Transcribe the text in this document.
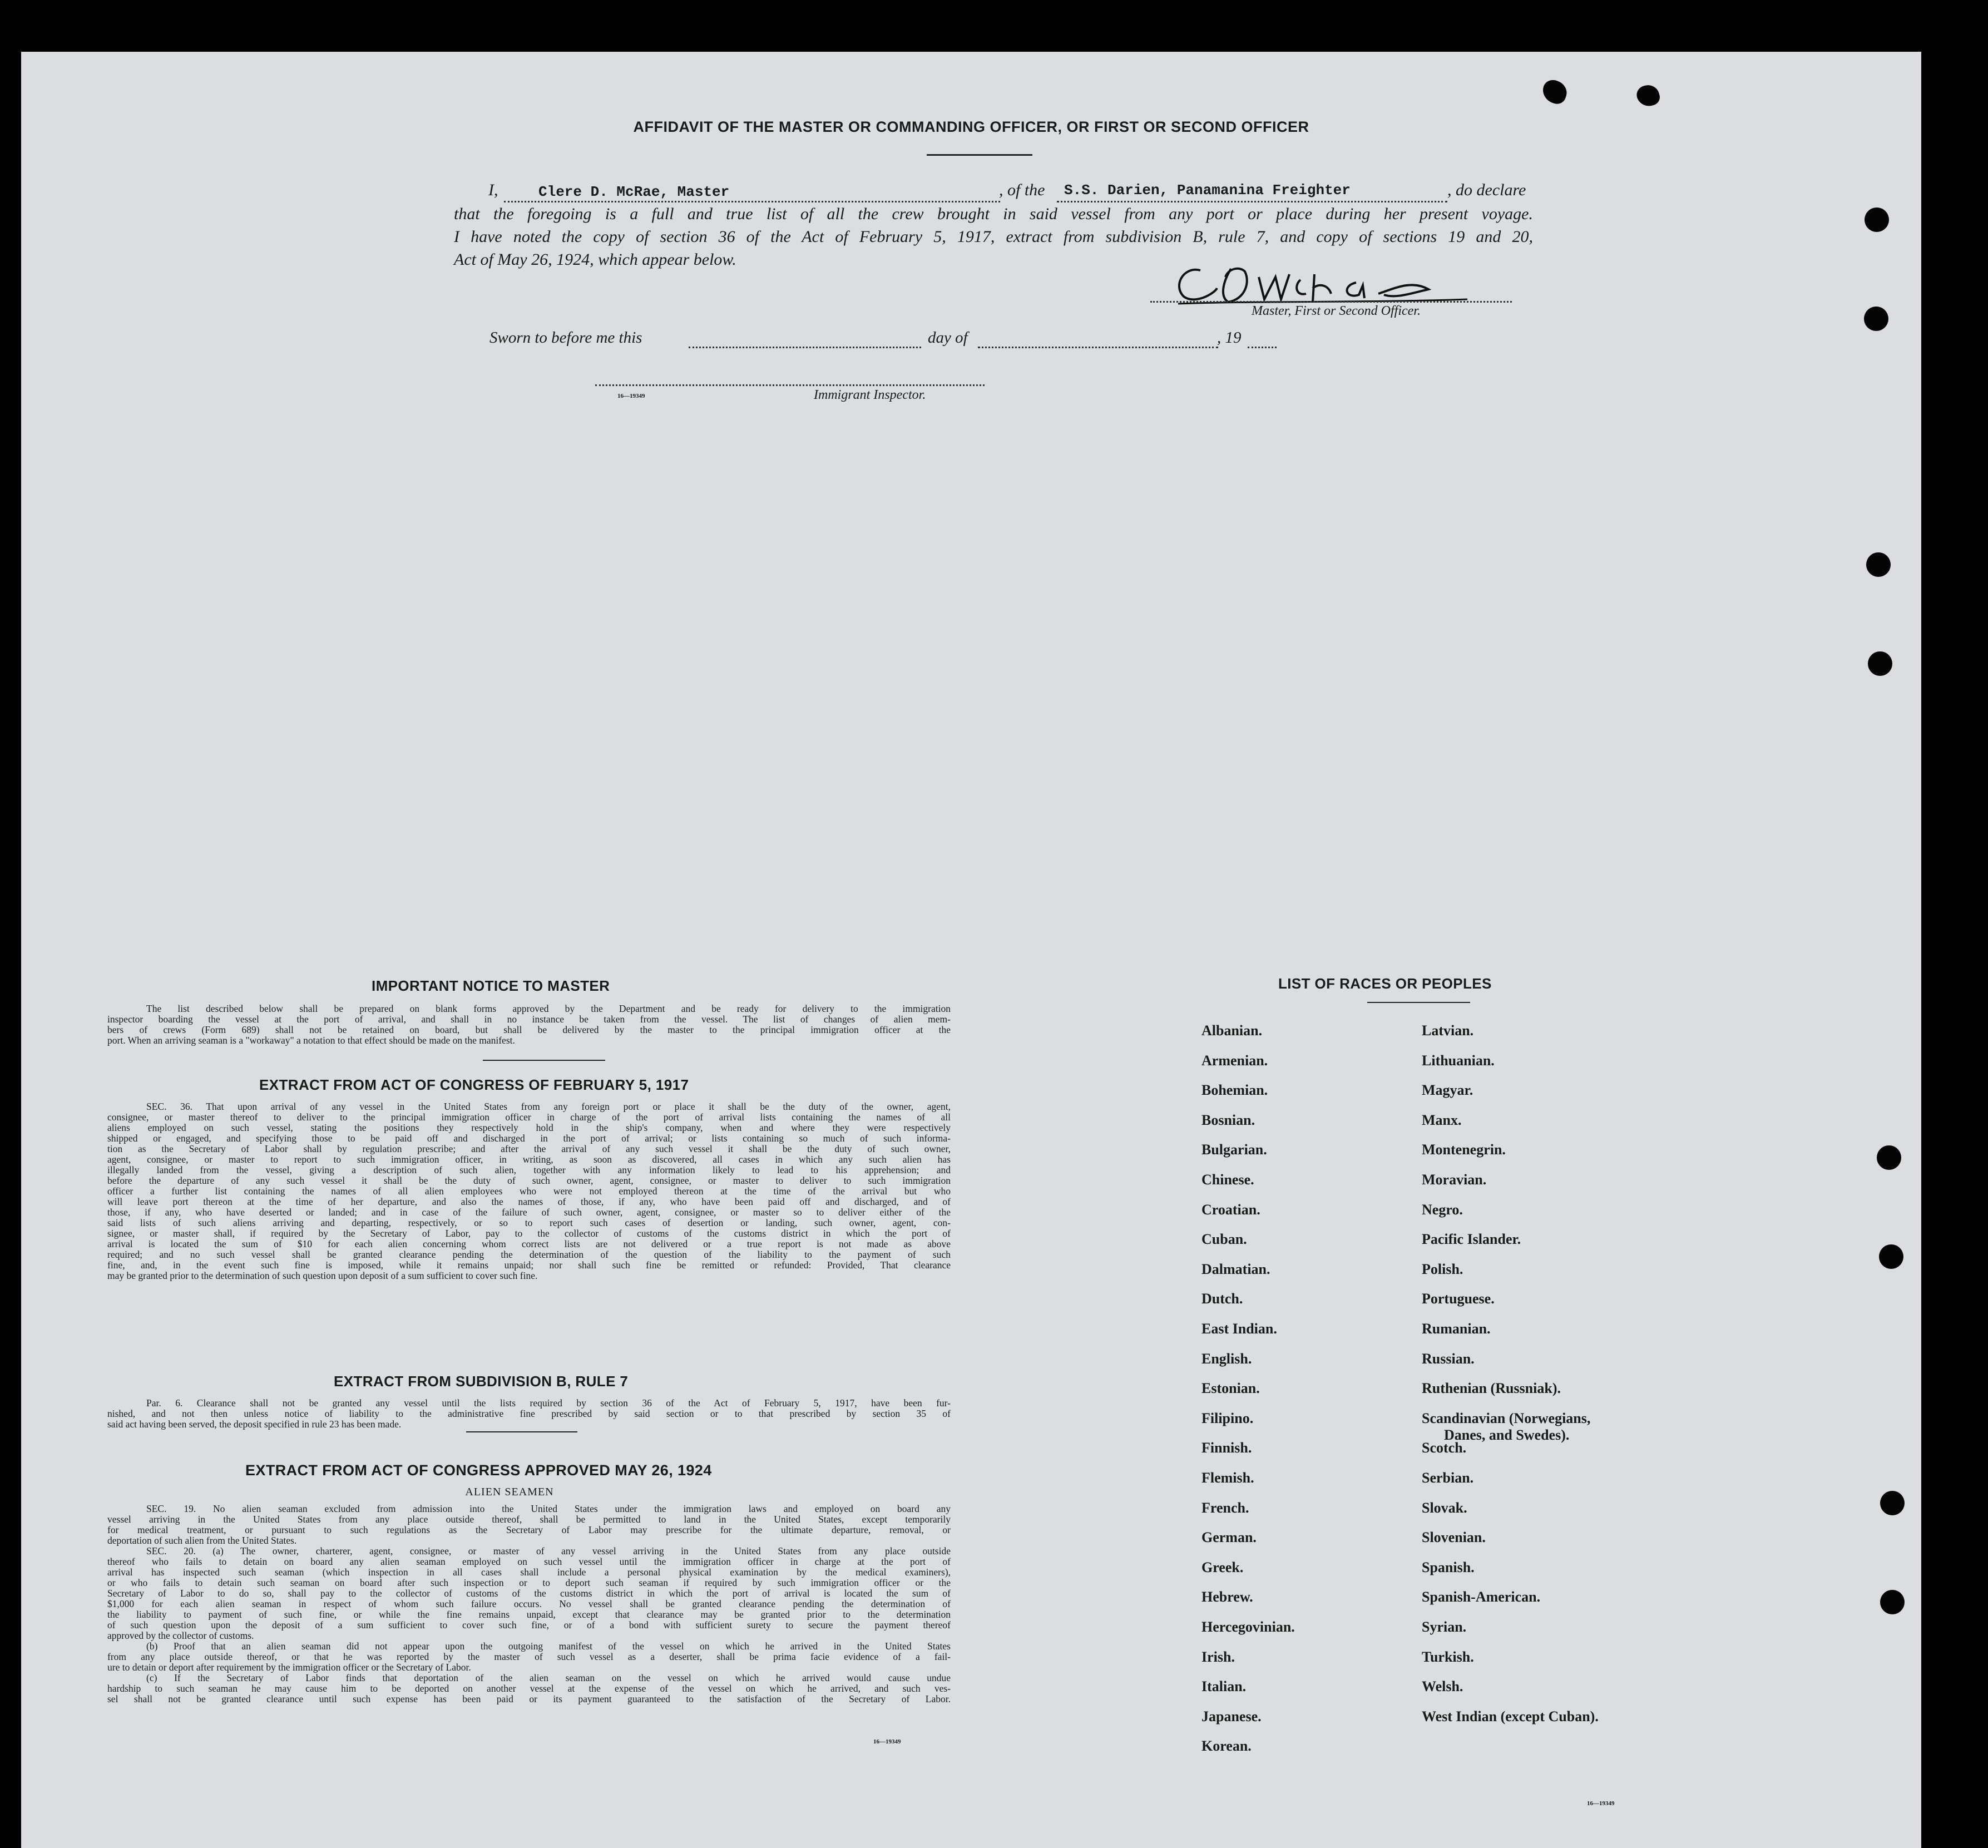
AFFIDAVIT OF THE MASTER OR COMMANDING OFFICER, OR FIRST OR SECOND OFFICER
I,	Clere D. McRae, Master	, of the S.S. Darien, Panamanina Freighter	, do declare
that the foregoing is a full and true list of all the crew brought in said vessel from any port or place during her present voyage.
I have noted the copy of section 36 of the Act of February 5, 1917, extract from subdivision B, rule 7, and copy of sections 19 and 20,
Act of May 26, 1924, which appear below.
Master, First or Second Officer.
Sworn to before me this	day of	, 19
16—19349	Immigrant Inspector.
IMPORTANT NOTICE TO MASTER
The list described below shall be prepared on blank forms approved by the Department and be ready for delivery to the immigration
inspector boarding the vessel at the port of arrival, and shall in no instance be taken from the vessel. The list of changes of alien mem-
bers of crews (Form 689) shall not be retained on board, but shall be delivered by the master to the principal immigration officer at the
port. When an arriving seaman is a "workaway" a notation to that effect should be made on the manifest.
EXTRACT FROM ACT OF CONGRESS OF FEBRUARY 5, 1917
SEC. 36. That upon arrival of any vessel in the United States from any foreign port or place it shall be the duty of the owner, agent,
consignee, or master thereof to deliver to the principal immigration officer in charge of the port of arrival lists containing the names of all
aliens employed on such vessel, stating the positions they respectively hold in the ship's company, when and where they were respectively
shipped or engaged, and specifying those to be paid off and discharged in the port of arrival; or lists containing so much of such informa-
tion as the Secretary of Labor shall by regulation prescribe; and after the arrival of any such vessel it shall be the duty of such owner,
agent, consignee, or master to report to such immigration officer, in writing, as soon as discovered, all cases in which any such alien has
illegally landed from the vessel, giving a description of such alien, together with any information likely to lead to his apprehension; and
before the departure of any such vessel it shall be the duty of such owner, agent, consignee, or master to deliver to such immigration
officer a further list containing the names of all alien employees who were not employed thereon at the time of the arrival but who
will leave port thereon at the time of her departure, and also the names of those, if any, who have been paid off and discharged, and of
those, if any, who have deserted or landed; and in case of the failure of such owner, agent, consignee, or master so to deliver either of the
said lists of such aliens arriving and departing, respectively, or so to report such cases of desertion or landing, such owner, agent, con-
signee, or master shall, if required by the Secretary of Labor, pay to the collector of customs of the customs district in which the port of
arrival is located the sum of $10 for each alien concerning whom correct lists are not delivered or a true report is not made as above
required; and no such vessel shall be granted clearance pending the determination of the question of the liability to the payment of such
fine, and, in the event such fine is imposed, while it remains unpaid; nor shall such fine be remitted or refunded: Provided, That clearance
may be granted prior to the determination of such question upon deposit of a sum sufficient to cover such fine.
EXTRACT FROM SUBDIVISION B, RULE 7
Par. 6. Clearance shall not be granted any vessel until the lists required by section 36 of the Act of February 5, 1917, have been fur-
nished, and not then unless notice of liability to the administrative fine prescribed by said section or to that prescribed by section 35 of
said act having been served, the deposit specified in rule 23 has been made.
EXTRACT FROM ACT OF CONGRESS APPROVED MAY 26, 1924
ALIEN SEAMEN
SEC. 19. No alien seaman excluded from admission into the United States under the immigration laws and employed on board any
vessel arriving in the United States from any place outside thereof, shall be permitted to land in the United States, except temporarily
for medical treatment, or pursuant to such regulations as the Secretary of Labor may prescribe for the ultimate departure, removal, or
deportation of such alien from the United States.
SEC. 20. (a) The owner, charterer, agent, consignee, or master of any vessel arriving in the United States from any place outside
thereof who fails to detain on board any alien seaman employed on such vessel until the immigration officer in charge at the port of
arrival has inspected such seaman (which inspection in all cases shall include a personal physical examination by the medical examiners),
or who fails to detain such seaman on board after such inspection or to deport such seaman if required by such immigration officer or the
Secretary of Labor to do so, shall pay to the collector of customs of the customs district in which the port of arrival is located the sum of
$1,000 for each alien seaman in respect of whom such failure occurs. No vessel shall be granted clearance pending the determination of
the liability to payment of such fine, or while the fine remains unpaid, except that clearance may be granted prior to the determination
of such question upon the deposit of a sum sufficient to cover such fine, or of a bond with sufficient surety to secure the payment thereof
approved by the collector of customs.
(b) Proof that an alien seaman did not appear upon the outgoing manifest of the vessel on which he arrived in the United States
from any place outside thereof, or that he was reported by the master of such vessel as a deserter, shall be prima facie evidence of a fail-
ure to detain or deport after requirement by the immigration officer or the Secretary of Labor.
(c) If the Secretary of Labor finds that deportation of the alien seaman on the vessel on which he arrived would cause undue
hardship to such seaman he may cause him to be deported on another vessel at the expense of the vessel on which he arrived, and such ves-
sel shall not be granted clearance until such expense has been paid or its payment guaranteed to the satisfaction of the Secretary of Labor.
16—19349
LIST OF RACES OR PEOPLES
16—19349
Albanian.
Armenian.
Bohemian.
Bosnian.
Bulgarian.
Chinese.
Croatian.
Cuban.
Dalmatian.
Dutch.
East Indian.
English.
Estonian.
Filipino.
Finnish.
Flemish.
French.
German.
Greek.
Hebrew.
Hercegovinian.
Irish.
Italian.
Japanese.
Korean.
Latvian.
Lithuanian.
Magyar.
Manx.
Montenegrin.
Moravian.
Negro.
Pacific Islander.
Polish.
Portuguese.
Rumanian.
Russian.
Ruthenian (Russniak).
Scandinavian (Norwegians,
Danes, and Swedes).
Scotch.
Serbian.
Slovak.
Slovenian.
Spanish.
Spanish-American.
Syrian.
Turkish.
Welsh.
West Indian (except Cuban).
